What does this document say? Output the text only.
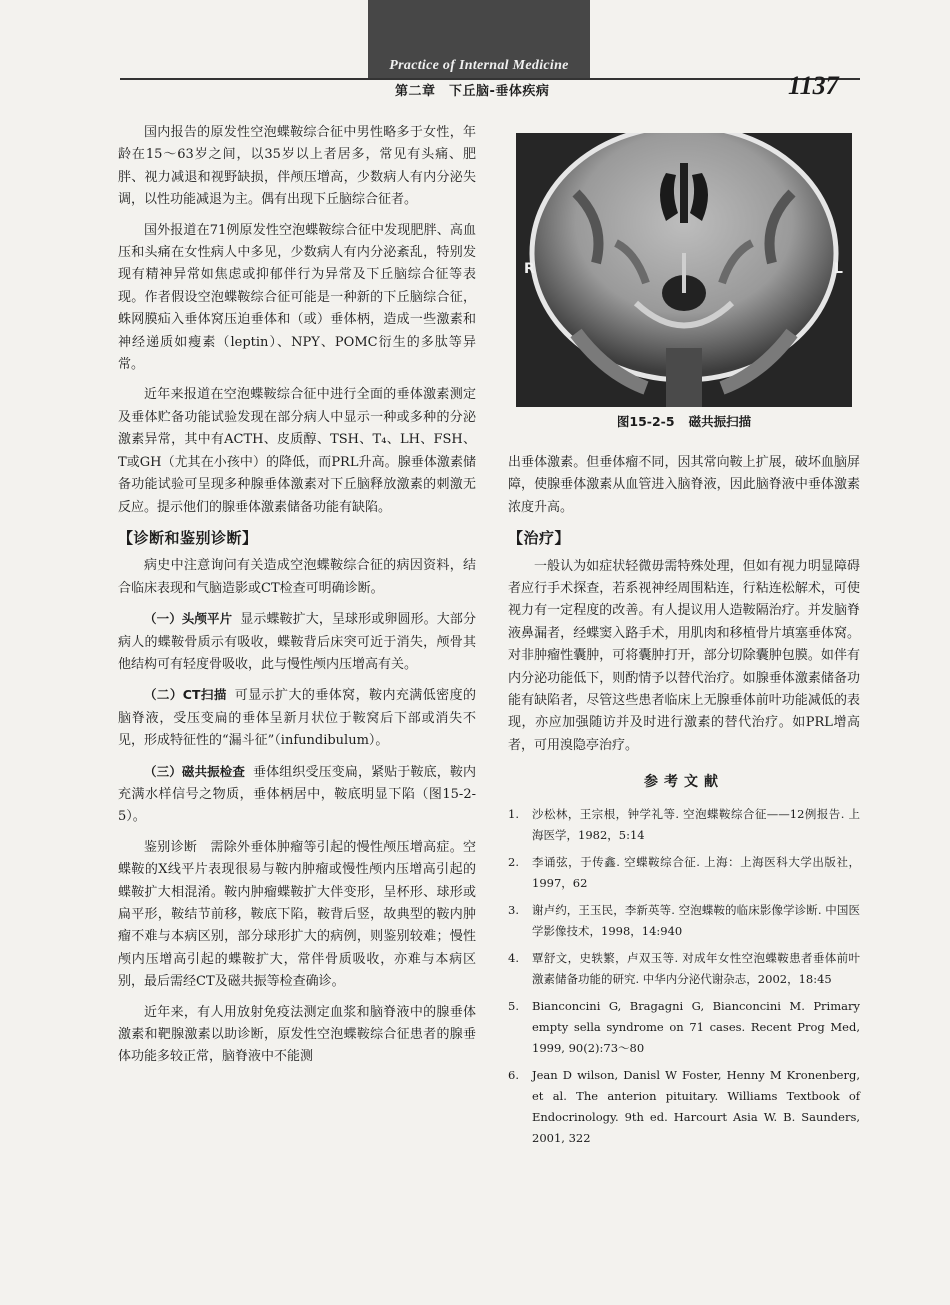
Practice of Internal Medicine
第二章　下丘脑-垂体疾病	1137

国内报告的原发性空泡蝶鞍综合征中男性略多于女性，年龄在15～63岁之间，以35岁以上者居多，常见有头痛、肥胖、视力减退和视野缺损，伴颅压增高，少数病人有内分泌失调，以性功能减退为主。偶有出现下丘脑综合征者。

国外报道在71例原发性空泡蝶鞍综合征中发现肥胖、高血压和头痛在女性病人中多见，少数病人有内分泌紊乱，特别发现有精神异常如焦虑或抑郁伴行为异常及下丘脑综合征等表现。作者假设空泡蝶鞍综合征可能是一种新的下丘脑综合征，蛛网膜疝入垂体窝压迫垂体和（或）垂体柄，造成一些激素和神经递质如瘦素（leptin）、NPY、POMC衍生的多肽等异常。

近年来报道在空泡蝶鞍综合征中进行全面的垂体激素测定及垂体贮备功能试验发现在部分病人中显示一种或多种的分泌激素异常，其中有ACTH、皮质醇、TSH、T₄、LH、FSH、T或GH（尤其在小孩中）的降低，而PRL升高。腺垂体激素储备功能试验可呈现多种腺垂体激素对下丘脑释放激素的刺激无反应。提示他们的腺垂体激素储备功能有缺陷。

【诊断和鉴别诊断】

病史中注意询问有关造成空泡蝶鞍综合征的病因资料，结合临床表现和气脑造影或CT检查可明确诊断。

（一）头颅平片 显示蝶鞍扩大，呈球形或卵圆形。大部分病人的蝶鞍骨质示有吸收，蝶鞍背后床突可近于消失，颅骨其他结构可有轻度骨吸收，此与慢性颅内压增高有关。

（二）CT扫描 可显示扩大的垂体窝，鞍内充满低密度的脑脊液，受压变扁的垂体呈新月状位于鞍窝后下部或消失不见，形成特征性的“漏斗征”（infundibulum）。

（三）磁共振检查 垂体组织受压变扁，紧贴于鞍底，鞍内充满水样信号之物质，垂体柄居中，鞍底明显下陷（图15-2-5）。

鉴别诊断　需除外垂体肿瘤等引起的慢性颅压增高症。空蝶鞍的X线平片表现很易与鞍内肿瘤或慢性颅内压增高引起的蝶鞍扩大相混淆。鞍内肿瘤蝶鞍扩大伴变形，呈杯形、球形或扁平形，鞍结节前移，鞍底下陷，鞍背后竖，故典型的鞍内肿瘤不难与本病区别，部分球形扩大的病例，则鉴别较难；慢性颅内压增高引起的蝶鞍扩大，常伴骨质吸收，亦难与本病区别，最后需经CT及磁共振等检查确诊。

近年来，有人用放射免疫法测定血浆和脑脊液中的腺垂体激素和靶腺激素以助诊断，原发性空泡蝶鞍综合征患者的腺垂体功能多较正常，脑脊液中不能测

R	L
图15-2-5 磁共振扫描

出垂体激素。但垂体瘤不同，因其常向鞍上扩展，破坏血脑屏障，使腺垂体激素从血管进入脑脊液，因此脑脊液中垂体激素浓度升高。

【治疗】

一般认为如症状轻微毋需特殊处理，但如有视力明显障碍者应行手术探查，若系视神经周围粘连，行粘连松解术，可使视力有一定程度的改善。有人提议用人造鞍隔治疗。并发脑脊液鼻漏者，经蝶窦入路手术，用肌肉和移植骨片填塞垂体窝。对非肿瘤性囊肿，可将囊肿打开，部分切除囊肿包膜。如伴有内分泌功能低下，则酌情予以替代治疗。如腺垂体激素储备功能有缺陷者，尽管这些患者临床上无腺垂体前叶功能减低的表现，亦应加强随访并及时进行激素的替代治疗。如PRL增高者，可用溴隐亭治疗。

参考文献
1. 沙松林，王宗根，钟学礼等. 空泡蝶鞍综合征——12例报告. 上海医学，1982，5:14
2. 李诵弦，于传鑫. 空蝶鞍综合征. 上海：上海医科大学出版社，1997，62
3. 谢卢约，王玉民，李新英等. 空泡蝶鞍的临床影像学诊断. 中国医学影像技术，1998，14:940
4. 覃舒文，史轶繁，卢双玉等. 对成年女性空泡蝶鞍患者垂体前叶激素储备功能的研究. 中华内分泌代谢杂志，2002，18:45
5. Bianconcini G, Bragagni G, Bianconcini M. Primary empty sella syndrome on 71 cases. Recent Prog Med, 1999, 90(2):73～80
6. Jean D wilson, Danisl W Foster, Henny M Kronenberg, et al. The anterion pituitary. Williams Textbook of Endocrinology. 9th ed. Harcourt Asia W. B. Saunders, 2001, 322
